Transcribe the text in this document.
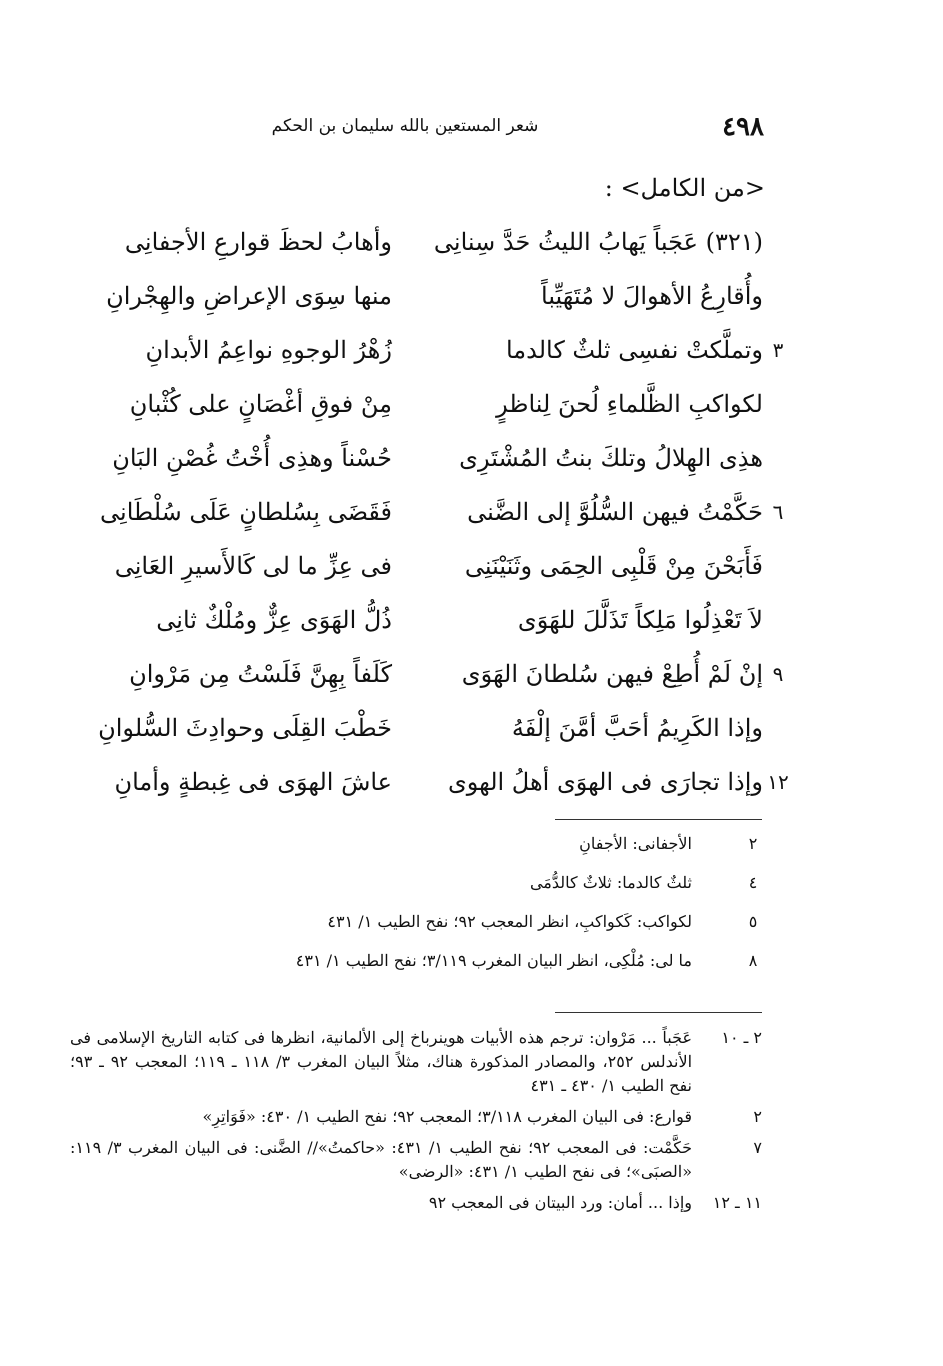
٤٩٨
شعر المستعين بالله سليمان بن الحكم
<من الكامل> :
(٣٢١) عَجَباً يَهابُ الليثُ حَدَّ سِنانِى
وأهابُ لحظَ قوارعِ الأجفانِى
وأُقارِعُ الأهوالَ لا مُتَهَيِّباً
منها سِوَى الإعراضِ والهِجْرانِ
٣
وتملَّكتْ نفسِى ثلثٌ كالدما
زُهْرُ الوجوهِ نواعِمُ الأبدانِ
لكواكبِ الظَّلماءِ لُحنَ لِناظرٍ
مِنْ فوقِ أغْصَانٍ على كُثْبانِ
هذِى الهِلالُ وتلكَ بنتُ المُشْتَرِى
حُسْناً وهذِى أُخْتُ غُصْنِ البَانِ
٦
حَكَّمْتُ فيهن السُّلُوَّ إلى الضَّنى
فَقَضَى بِسُلطانٍ عَلَى سُلْطَانِى
فَأَبَحْنَ مِنْ قَلْبِى الحِمَى وثَنَيْنَنِى
فى عِزِّ ما لى كَالأَسيرِ العَانِى
لاَ تَعْذِلُوا مَلِكاً تَذَلَّلَ للهَوَى
ذُلُّ الهَوَى عِزٌّ ومُلْكٌ ثانِى
٩
إنْ لَمْ أُطِعْ فيهن سُلطانَ الهَوَى
كَلَفاً بِهِنَّ فَلَسْتُ مِن مَرْوانِ
وإذا الكَرِيمُ أحَبَّ أمَّنَ إلْفَهُ
خَطْبَ القِلَى وحوادِثَ السُّلوانِ
١٢
وإذا تجارَى فى الهوَى أهلُ الهوى
عاشَ الهوَى فى غِبطةٍ وأمانِ
٢
الأجفانى: الأجفانِ
٤
ثلثٌ كالدما: ثلاثٌ كالدُّمَى
٥
لكواكب: كَكواكبِ، انظر المعجب ٩٢؛ نفح الطيب ١/ ٤٣١
٨
ما لى: مُلْكِى، انظر البيان المغرب ٣/١١٩؛ نفح الطيب ١/ ٤٣١
٢ ـ ١٠
عَجَباً ... مَرْوان: ترجم هذه الأبيات هوينرباخ إلى الألمانية، انظرها فى كتابه التاريخ الإسلامى فى الأندلس ٢٥٢، والمصادر المذكورة هناك، مثلاً البيان المغرب ٣/ ١١٨ ـ ١١٩؛ المعجب ٩٢ ـ ٩٣؛ نفح الطيب ١/ ٤٣٠ ـ ٤٣١
٢
قوارع: فى البيان المغرب ٣/١١٨؛ المعجب ٩٢؛ نفح الطيب ١/ ٤٣٠: «فَوَاتِرِ»
٧
حَكَّمْت: فى المعجب ٩٢؛ نفح الطيب ١/ ٤٣١: «حاكمتُ»// الضَّنى: فى البيان المغرب ٣/ ١١٩: «الصبَى»؛ فى نفح الطيب ١/ ٤٣١: «الرضى»
١١ ـ ١٢
وإذا ... أمان: ورد البيتان فى المعجب ٩٢
